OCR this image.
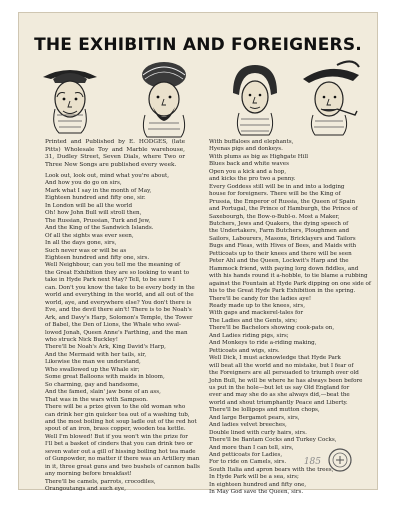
THE EXHIBITIN AND FOREIGNERS.
Printed and Published by E. HODGES, (late Pitts) Wholesale Toy and Marble warehouse, 31, Dudley Street, Seven Dials, where Two or Three New Songs are published every week.
Look out, look out, mind what you're about,
And how you do go on sirs,
Mark what I say in the month of May,
Eighteen hundred and fifty one, sir.
In London will be all the world
Oh! how John Bull will stroll then,
The Russian, Prussian, Turk and Jew,
And the King of the Sandwich Islands.
Of all the sights was ever seen,
In all the days gone, sirs,
Such never was or will be as
Eighteen hundred and fifty one, sirs.
Well Neighbour, can you tell me the meaning of
the Great Exhibition they are so looking to want to
take in Hyde Park next May? Tell, to be sure I
can. Don't you know the take to be every body in the
world and everything in the world, and all out of the
world, aye, and everywhere else? You don't there is
Eve, and the devil there ain't! There is to be Noah's
Ark, and Davy's Harp, Solomon's Temple, the Tower
of Babel, the Den of Lions, the Whale who swal-
lowed Jonah, Queen Anne's Farthing, and the man
who struck Nick Buckley!
There'll be Noah's Ark, King David's Harp,
And the Mermaid with her tails, sir,
Likewise the man we understand,
Who swallowed up the Whale sir;
Some great Balloons with maids in bloom,
So charming, gay and handsome,
And the famed, slain' jaw bone of an ass,
That was in the wars with Sampson.
There will be a prize given to the old woman who
can drink her gin quicker tea out of a washing tub,
and the most boiling hot soup ladle out of the red hot
spout of an iron, brass copper, wooden tea kettle.
Well I'm blowed! But if you won't win the prize for
I'll bet a basket of cinders that you can drink two or
seven water out a gill of hissing boiling hot tea made
of Gunpowder, no matter if there was an Artillery man
in it, three great guns and two bushels of cannon balls
any morning before breakfast!
There'll be camels, parrots, crocodiles,
Orangoutangs and such eye,
With buffaloes and elephants,
Hyenas pigs and donkeys.
With plums as big as Highgate Hill
Blues back and white waves
Open you a kick and a hop,
and kicks the pro two a penny.
Every Goddess still will be in and into a lodging
house for foreigners. There will be the King of
Prussia, the Emperor of Russia, the Queen of Spain
and Portugal, the Prince of Hamburgh, the Prince of
Saxebourgh, the Bow-o-Bubl-o. Most a Maker,
Butchers, Jews and Quakers, the dying speech of
the Undertakers, Farm Butchers, Ploughmen and
Sailors, Labourers, Masons, Bricklayers and Tailors
Bugs and Fleas, with Hives of Bees, and Maids with
Petticoats up to their knees and there will be seen
Peter Ahl and the Queen, Lockwit's Harp and the
Hammock friend, with paying lorg down fiddles, and
with his hands round it a-hobble, to tie blame a rubbing
against the Fountain at Hyde Park dipping on one side of
his to the Great Hyde Park Exhibition in the spring.
There'll be candy for the ladies aye!
Ready made up to the knees, sirs,
With gaps and mackerel-tales for
The Ladies and the Gents, sirs;
There'll be Bachelors showing cook-pats on,
And Ladies riding pigs, sirs;
And Monkeys to ride a-riding making,
Petticoats and wigs, sirs.
Well Dick, I must acknowledge that Hyde Park
will beat all the world and no mistake, but I fear of
the Foreigners are all persuaded to triumph over old
John Bull, he will be where he has always been before
us put in the hole—but let us say Old England for
ever and may she do as she always did,—beat the
world and shout triumphantly Peace and Liberty.
There'll be lollipops and mutton chops,
And large Bergamot pears, sirs,
And ladies velvet breeches,
Double lined with curly hairs, sirs.
There'll be Bantam Cocks and Turkey Cocks,
And more than I can tell, sirs,
And petticoats for Ladies,
For to ride on Camels, sirs.
South Italia and apron bears with the trees,
In Hyde Park will be a sea, sirs;
In eighteen hundred and fifty one,
In May God save the Queen, sirs.
185
